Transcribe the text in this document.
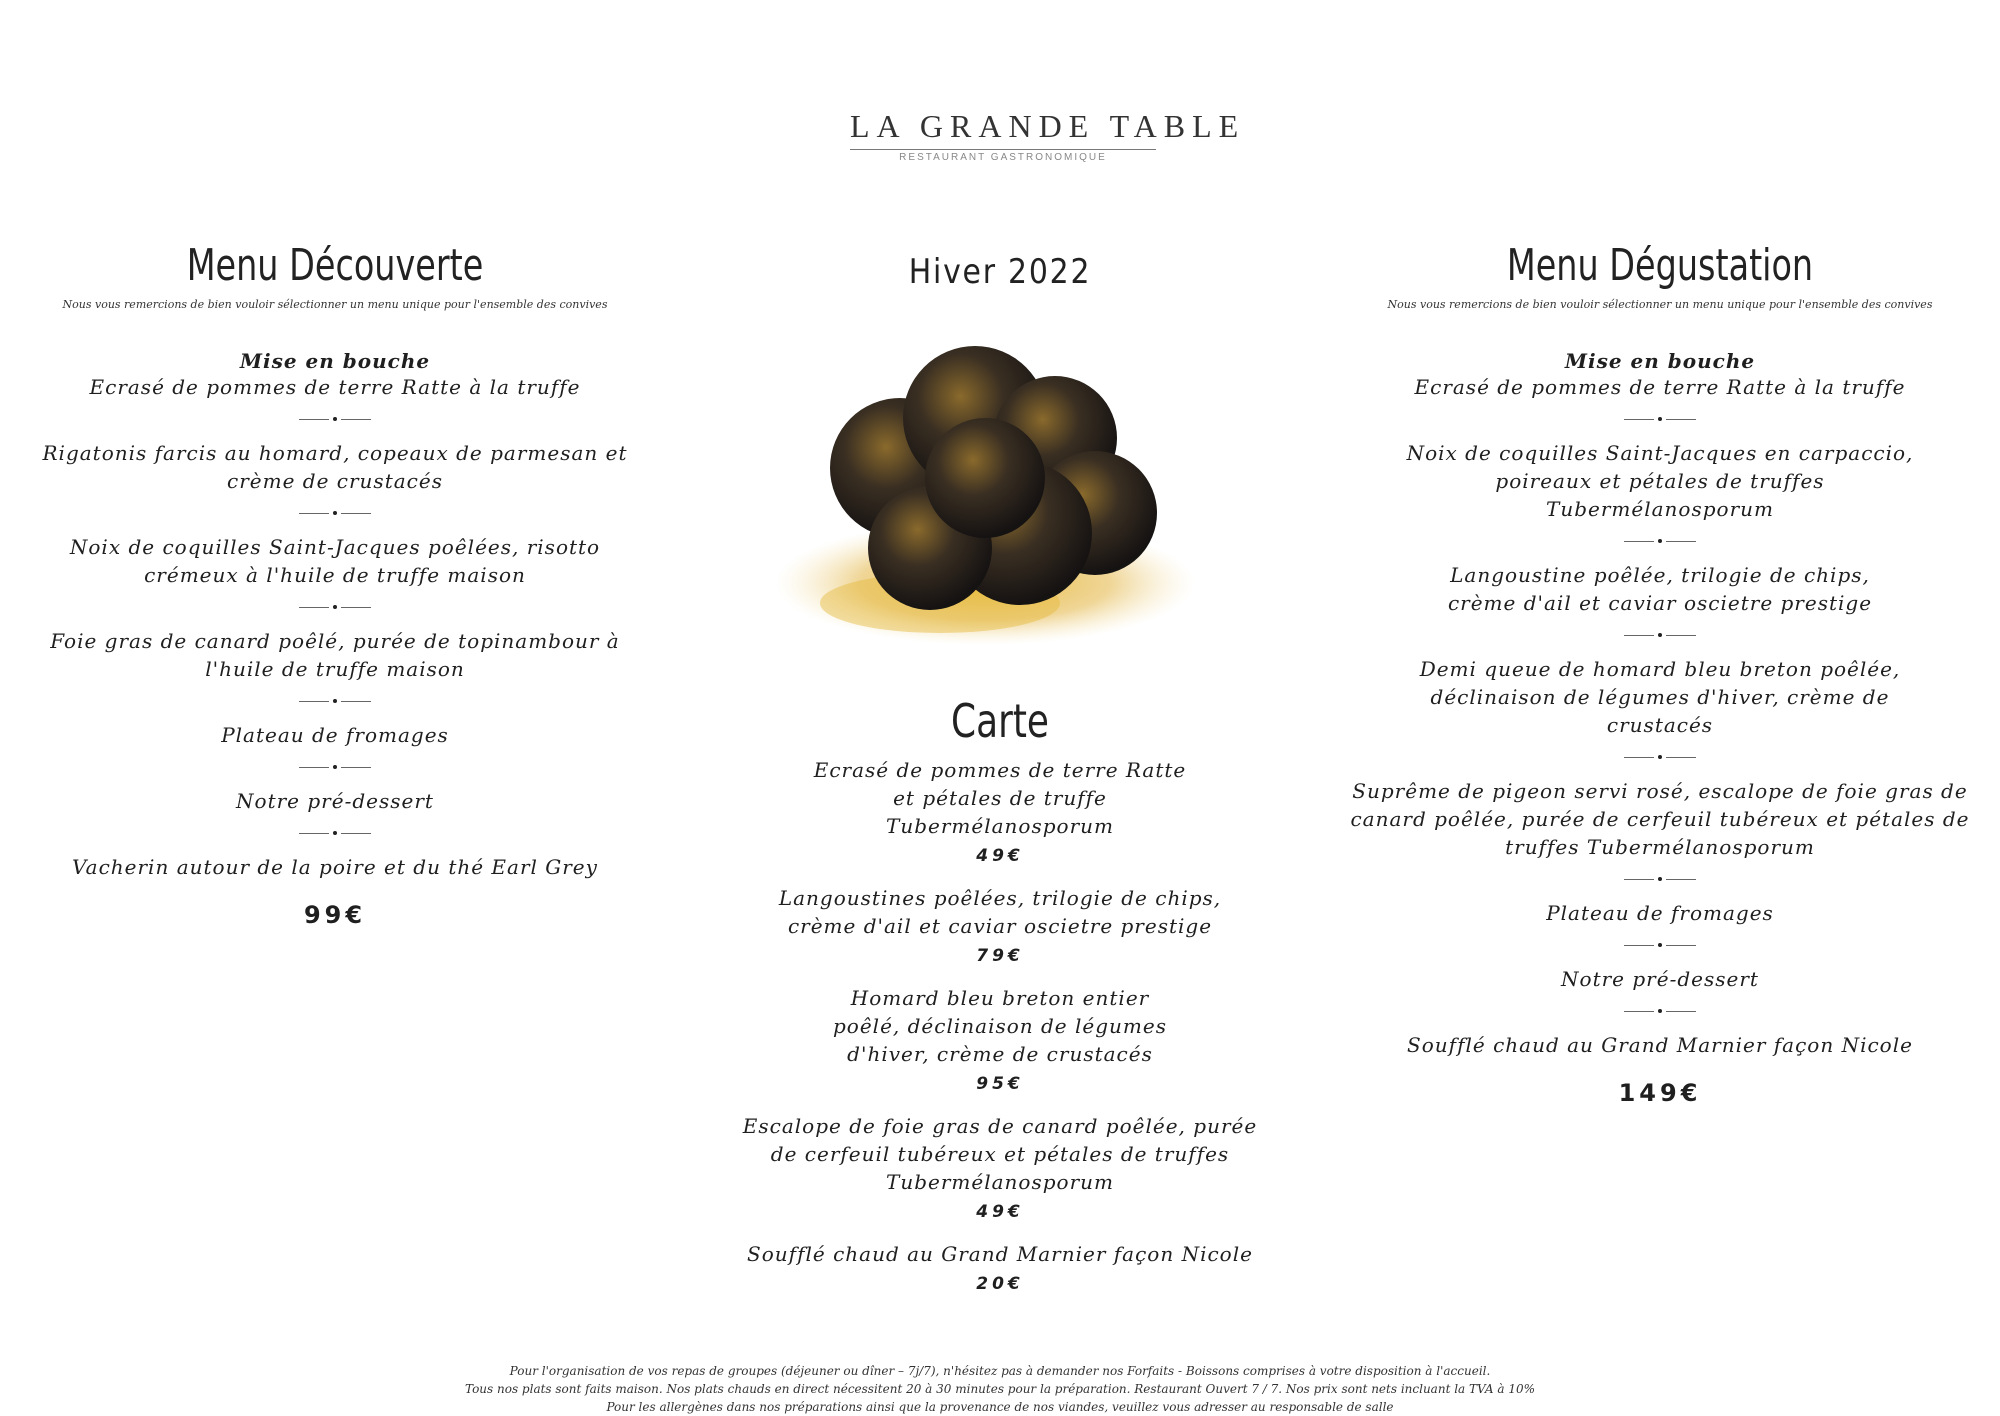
LA GRANDE TABLE
RESTAURANT GASTRONOMIQUE
Menu Découverte
Nous vous remercions de bien vouloir sélectionner un menu unique pour l'ensemble des convives
Mise en bouche
Ecrasé de pommes de terre Ratte à la truffe
Rigatonis farcis au homard, copeaux de parmesan et crème de crustacés
Noix de coquilles Saint-Jacques poêlées, risotto crémeux à l'huile de truffe maison
Foie gras de canard poêlé, purée de topinambour à l'huile de truffe maison
Plateau de fromages
Notre pré-dessert
Vacherin autour de la poire et du thé Earl Grey
99€
Hiver 2022
Carte
Ecrasé de pommes de terre Ratte et pétales de truffe Tubermélanosporum
49€
Langoustines poêlées, trilogie de chips, crème d'ail et caviar oscietre prestige
79€
Homard bleu breton entier poêlé, déclinaison de légumes d'hiver, crème de crustacés
95€
Escalope de foie gras de canard poêlée, purée de cerfeuil tubéreux et pétales de truffes Tubermélanosporum
49€
Soufflé chaud au Grand Marnier façon Nicole
20€
Menu Dégustation
Nous vous remercions de bien vouloir sélectionner un menu unique pour l'ensemble des convives
Mise en bouche
Ecrasé de pommes de terre Ratte à la truffe
Noix de coquilles Saint-Jacques en carpaccio, poireaux et pétales de truffes Tubermélanosporum
Langoustine poêlée, trilogie de chips, crème d'ail et caviar oscietre prestige
Demi queue de homard bleu breton poêlée, déclinaison de légumes d'hiver, crème de crustacés
Suprême de pigeon servi rosé, escalope de foie gras de canard poêlée, purée de cerfeuil tubéreux et pétales de truffes Tubermélanosporum
Plateau de fromages
Notre pré-dessert
Soufflé chaud au Grand Marnier façon Nicole
149€
Pour l'organisation de vos repas de groupes (déjeuner ou dîner – 7j/7), n'hésitez pas à demander nos Forfaits - Boissons comprises à votre disposition à l'accueil.
Tous nos plats sont faits maison. Nos plats chauds en direct nécessitent 20 à 30 minutes pour la préparation. Restaurant Ouvert 7 / 7. Nos prix sont nets incluant la TVA à 10%
Pour les allergènes dans nos préparations ainsi que la provenance de nos viandes, veuillez vous adresser au responsable de salle
